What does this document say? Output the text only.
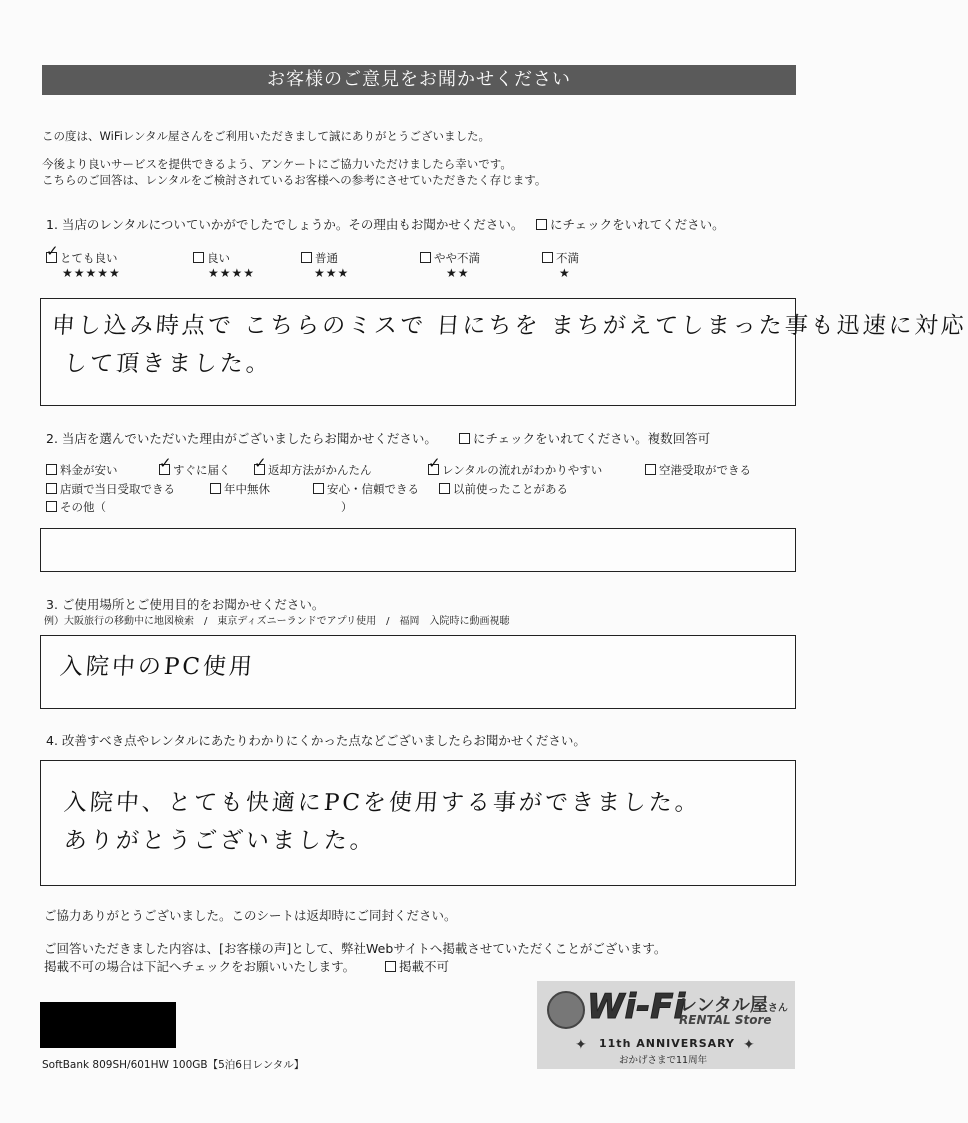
お客様のご意見をお聞かせください
この度は、WiFiレンタル屋さんをご利用いただきまして誠にありがとうございました。
今後より良いサービスを提供できるよう、アンケートにご協力いただけましたら幸いです。
こちらのご回答は、レンタルをご検討されているお客様への参考にさせていただきたく存じます。
1. 当店のレンタルについていかがでしたでしょうか。その理由もお聞かせください。	にチェックをいれてください。
✓とても良い
★★★★★
良い
★★★★
普通
★★★
やや不満
★★
不満
★
申し込み時点で こちらのミスで 日にちを まちがえてしまった事も迅速に対応
して頂きました。
2. 当店を選んでいただいた理由がございましたらお聞かせください。	にチェックをいれてください。複数回答可
料金が安い ✓	すぐに届く ✓	返却方法がかんたん ✓	レンタルの流れがわかりやすい	空港受取ができる
店頭で当日受取できる	年中無休	安心・信頼できる	以前使ったことがある
その他（	）
3. ご使用場所とご使用目的をお聞かせください。
例）大阪旅行の移動中に地図検索　/　東京ディズニーランドでアプリ使用　/　福岡　入院時に動画視聴
入院中のPC使用
4. 改善すべき点やレンタルにあたりわかりにくかった点などございましたらお聞かせください。
入院中、とても快適にPCを使用する事ができました。
ありがとうございました。
ご協力ありがとうございました。このシートは返却時にご同封ください。
ご回答いただきました内容は、[お客様の声]として、弊社Webサイトへ掲載させていただくことがございます。
掲載不可の場合は下記へチェックをお願いいたします。	掲載不可
SoftBank 809SH/601HW 100GB【5泊6日レンタル】
Wi-Fi
レンタル屋さん
RENTAL Store
✦ 11th ANNIVERSARY ✦
おかげさまで11周年
